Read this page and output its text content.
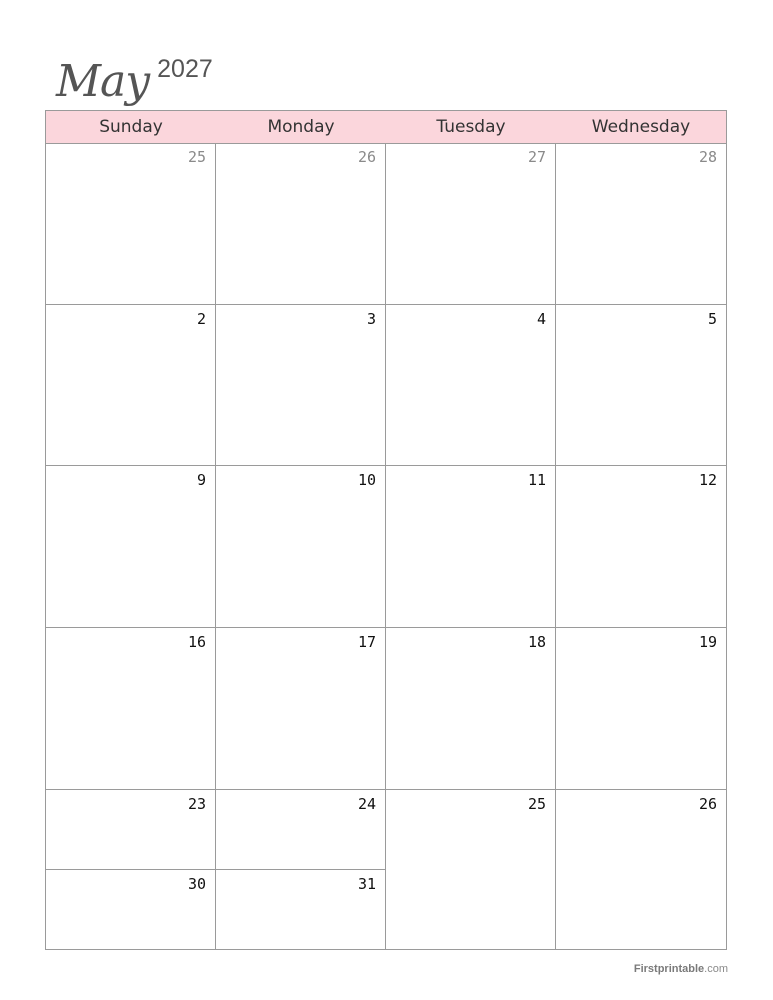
May 2027
Sunday	Monday	Tuesday	Wednesday
25	26	27	28
2	3	4	5
9	10	11	12
16	17	18	19
23	24	25	26
30	31
Firstprintable.com
